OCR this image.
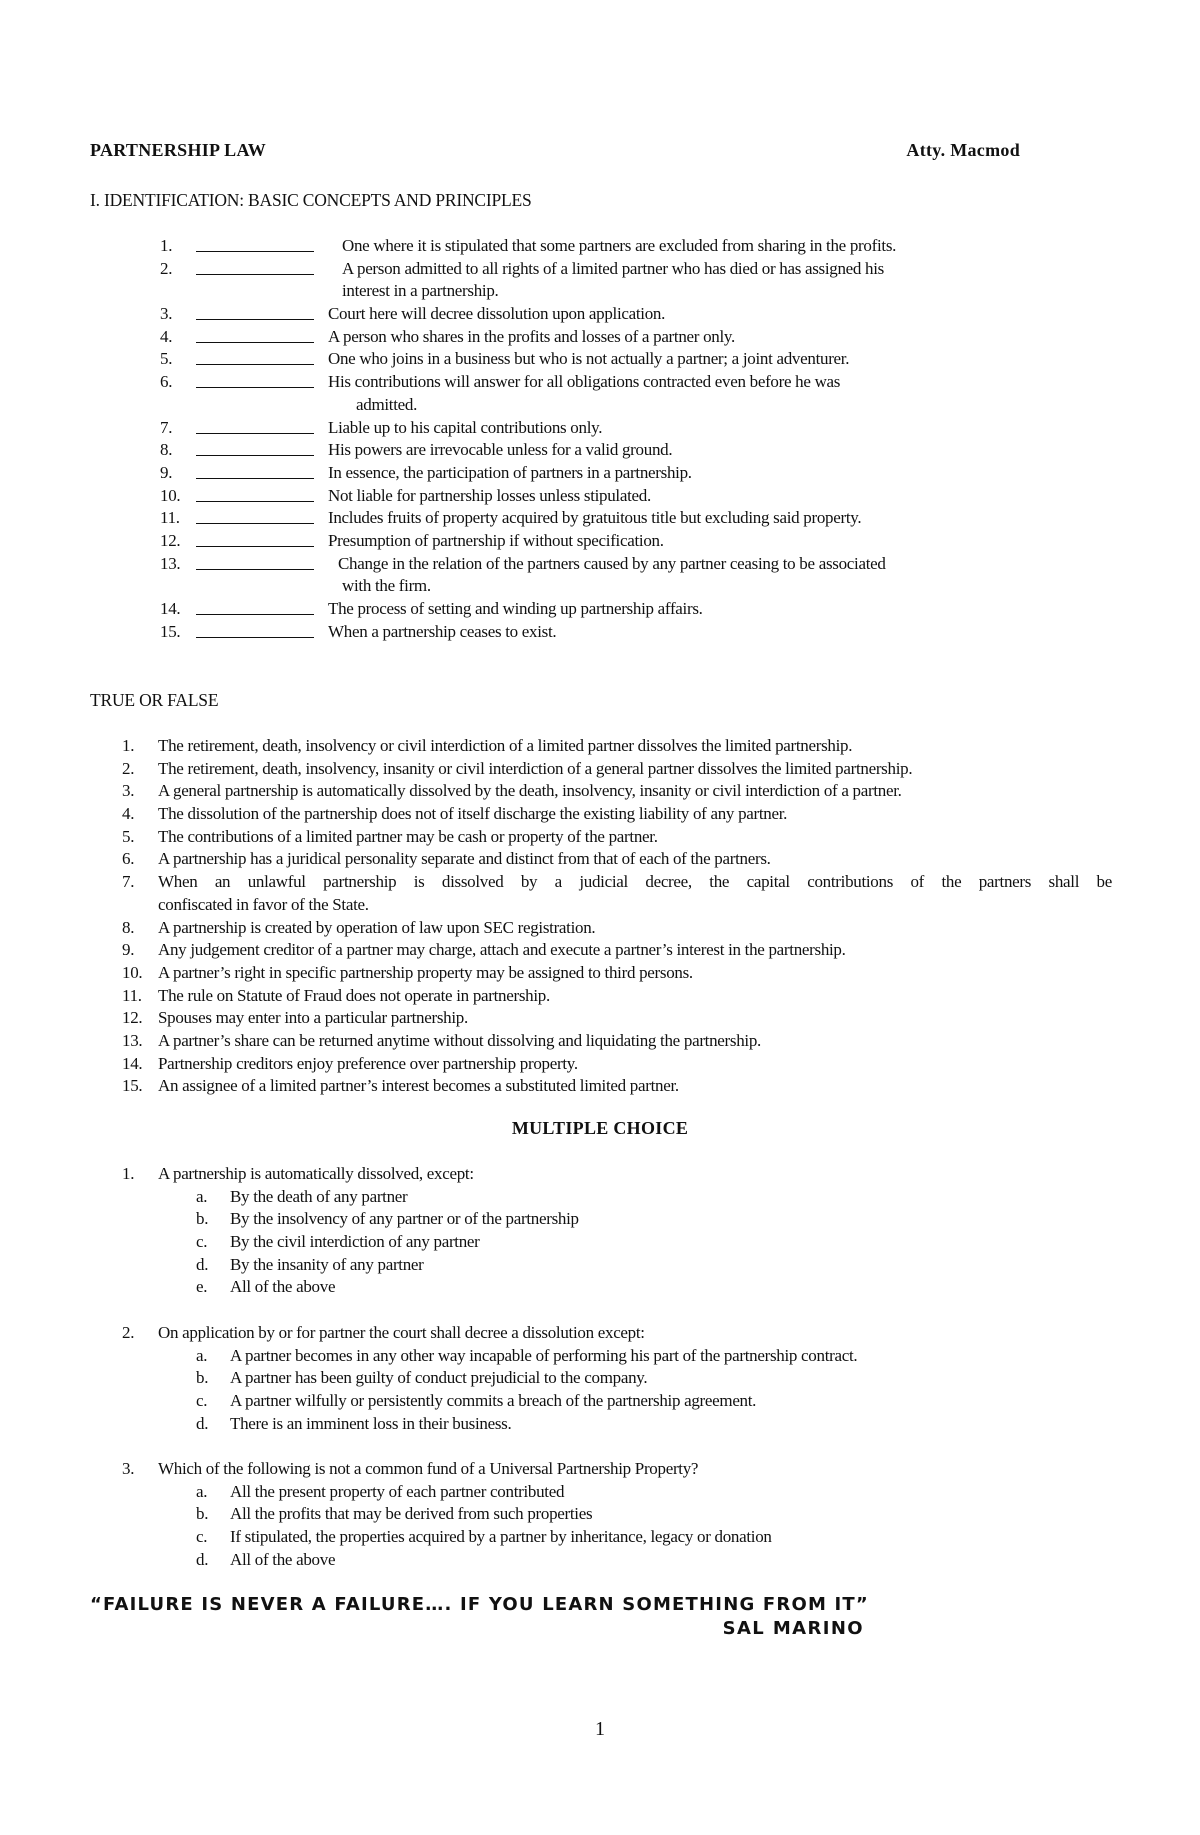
PARTNERSHIP LAW	Atty. Macmod
I. IDENTIFICATION: BASIC CONCEPTS AND PRINCIPLES
1.	One where it is stipulated that some partners are excluded from sharing in the profits.
2.	A person admitted to all rights of a limited partner who has died or has assigned his
interest in a partnership.
3.	Court here will decree dissolution upon application.
4.	A person who shares in the profits and losses of a partner only.
5.	One who joins in a business but who is not actually a partner; a joint adventurer.
6.	His contributions will answer for all obligations contracted even before he was
admitted.
7.	Liable up to his capital contributions only.
8.	His powers are irrevocable unless for a valid ground.
9.	In essence, the participation of partners in a partnership.
10.	Not liable for partnership losses unless stipulated.
11.	Includes fruits of property acquired by gratuitous title but excluding said property.
12.	Presumption of partnership if without specification.
13.	Change in the relation of the partners caused by any partner ceasing to be associated
with the firm.
14.	The process of setting and winding up partnership affairs.
15.	When a partnership ceases to exist.
TRUE OR FALSE
1.	The retirement, death, insolvency or civil interdiction of a limited partner dissolves the limited partnership.
2.	The retirement, death, insolvency, insanity or civil interdiction of a general partner dissolves the limited partnership.
3.	A general partnership is automatically dissolved by the death, insolvency, insanity or civil interdiction of a partner.
4.	The dissolution of the partnership does not of itself discharge the existing liability of any partner.
5.	The contributions of a limited partner may be cash or property of the partner.
6.	A partnership has a juridical personality separate and distinct from that of each of the partners.
7.	When an unlawful partnership is dissolved by a judicial decree, the capital contributions of the partners shall be
confiscated in favor of the State.
8.	A partnership is created by operation of law upon SEC registration.
9.	Any judgement creditor of a partner may charge, attach and execute a partner’s interest in the partnership.
10. A partner’s right in specific partnership property may be assigned to third persons.
11. The rule on Statute of Fraud does not operate in partnership.
12. Spouses may enter into a particular partnership.
13. A partner’s share can be returned anytime without dissolving and liquidating the partnership.
14. Partnership creditors enjoy preference over partnership property.
15. An assignee of a limited partner’s interest becomes a substituted limited partner.
MULTIPLE CHOICE
1.	A partnership is automatically dissolved, except:
a. By the death of any partner
b. By the insolvency of any partner or of the partnership
c. By the civil interdiction of any partner
d. By the insanity of any partner
e. All of the above
2.	On application by or for partner the court shall decree a dissolution except:
a. A partner becomes in any other way incapable of performing his part of the partnership contract.
b. A partner has been guilty of conduct prejudicial to the company.
c. A partner wilfully or persistently commits a breach of the partnership agreement.
d. There is an imminent loss in their business.
3.	Which of the following is not a common fund of a Universal Partnership Property?
a. All the present property of each partner contributed
b. All the profits that may be derived from such properties
c. If stipulated, the properties acquired by a partner by inheritance, legacy or donation
d. All of the above
“FAILURE IS NEVER A FAILURE…. IF YOU LEARN SOMETHING FROM IT”
SAL MARINO
1
